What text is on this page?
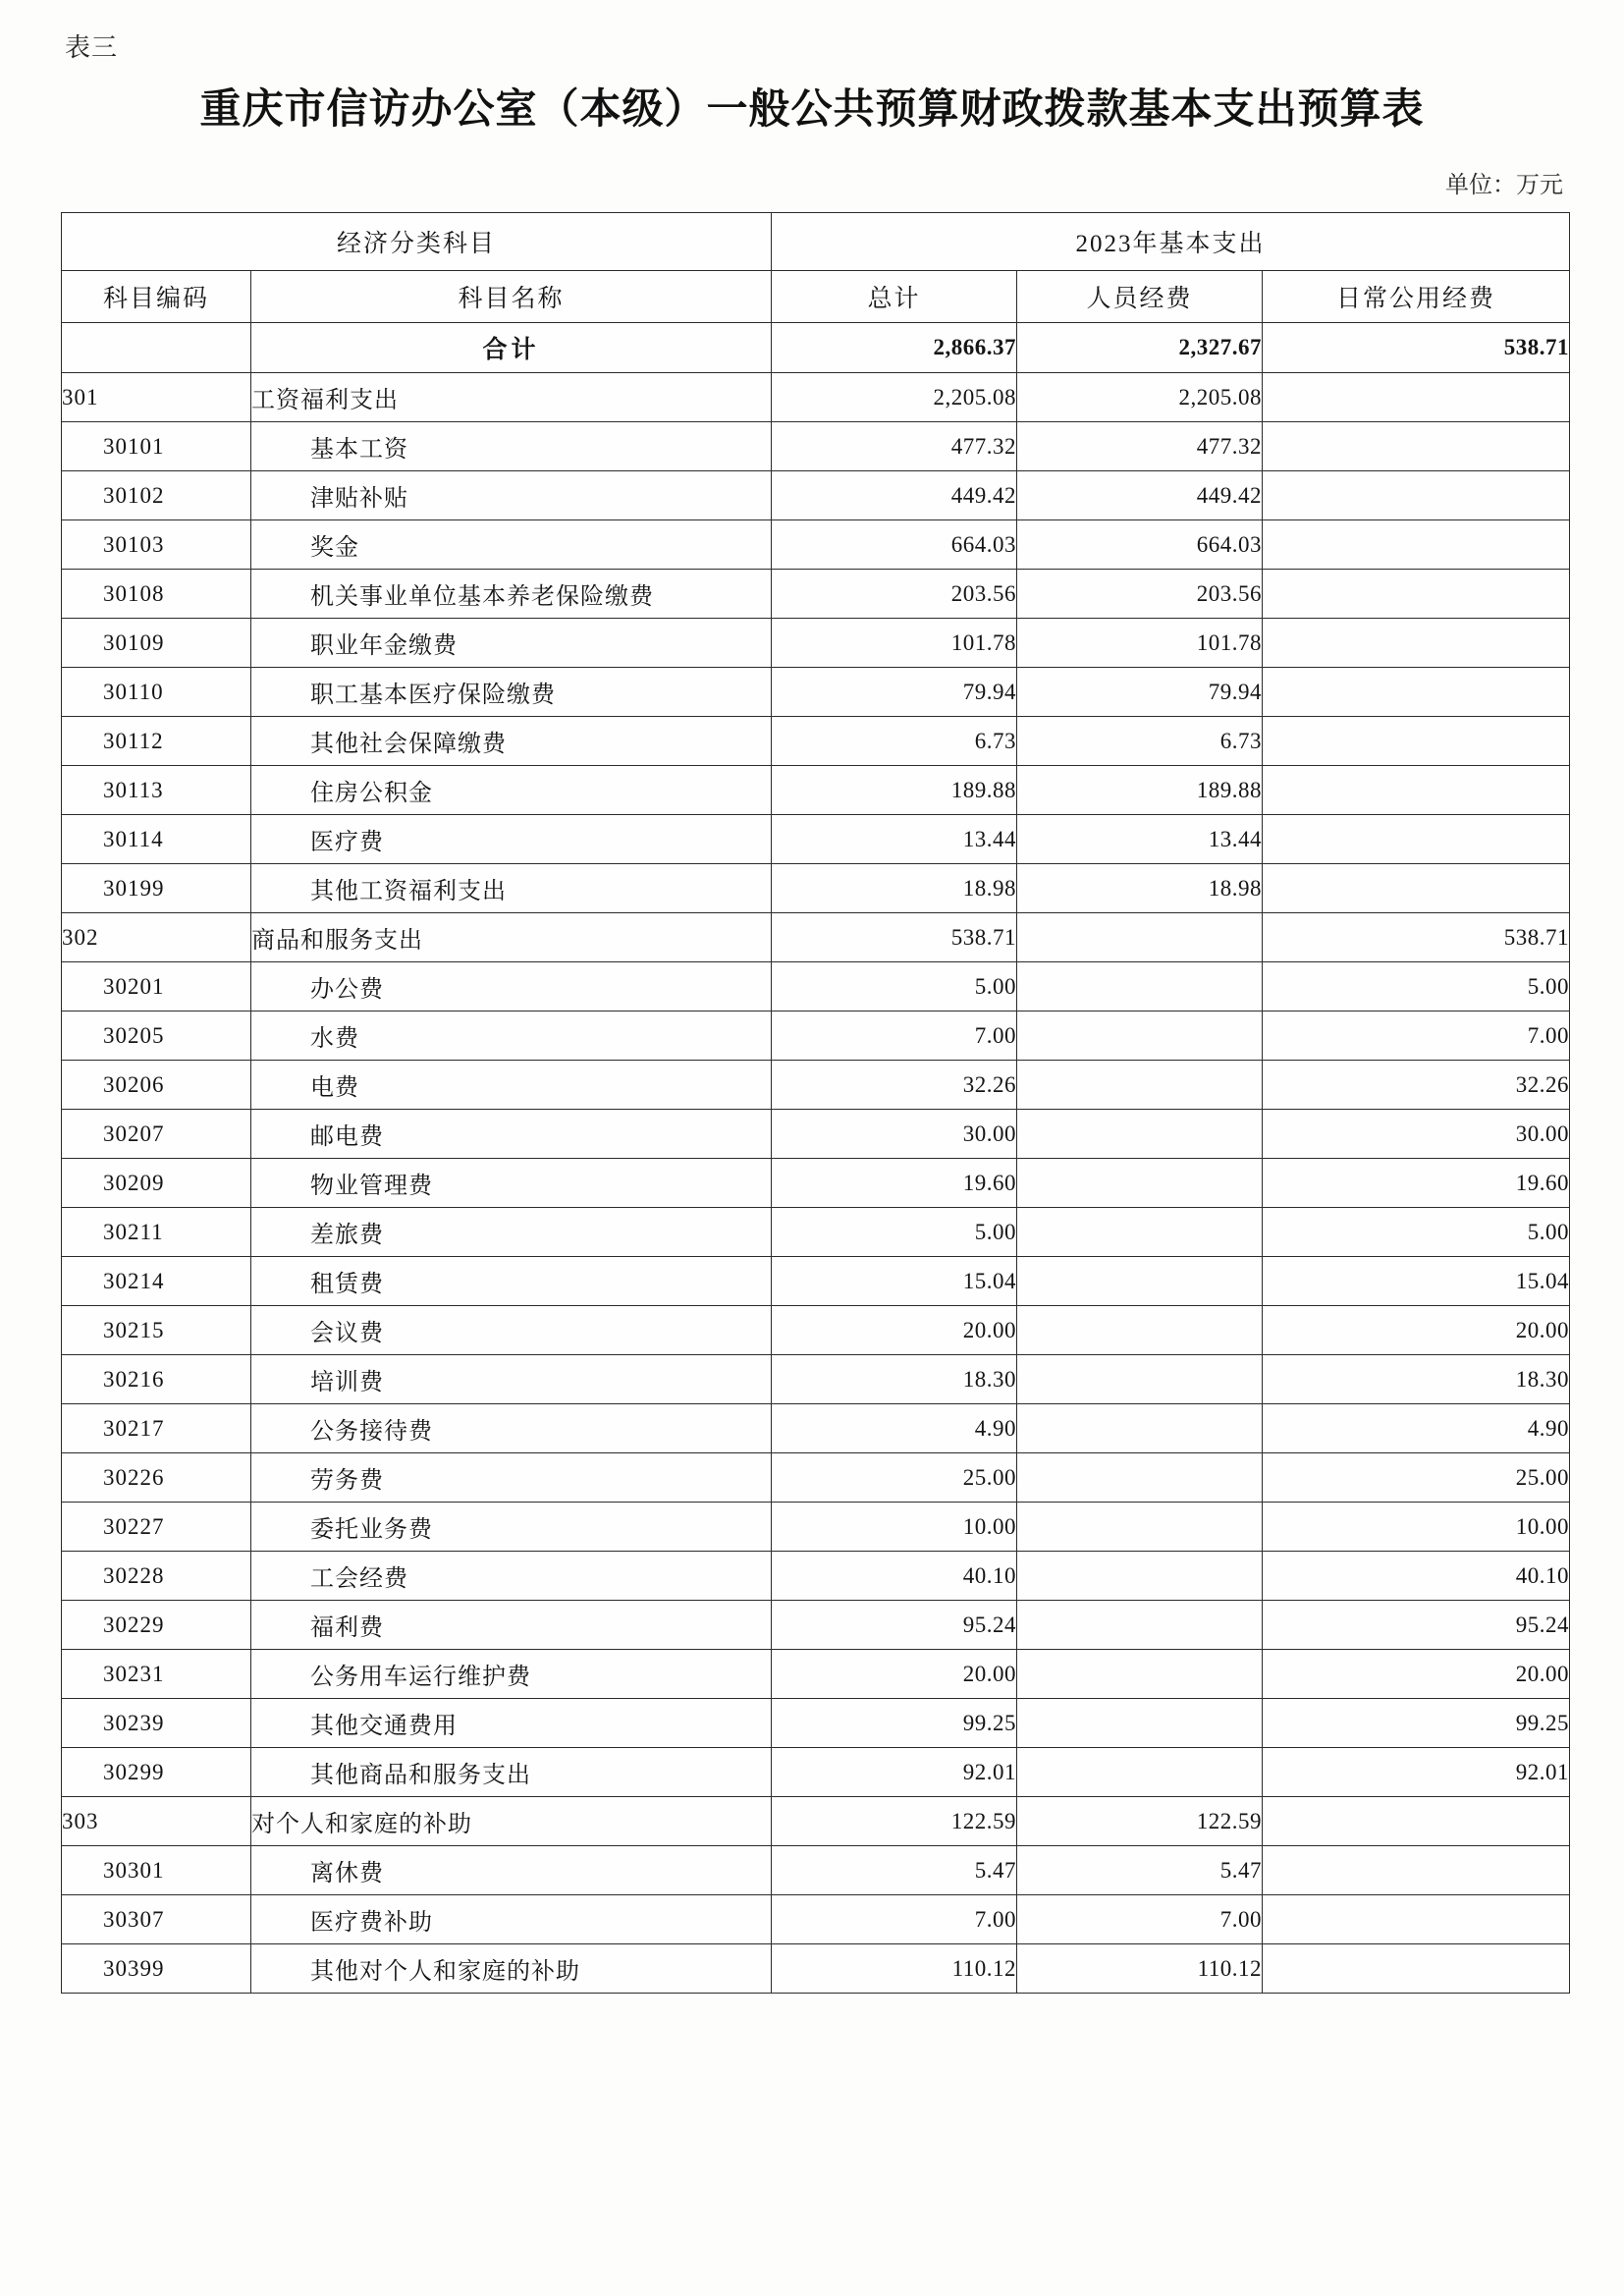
表三
重庆市信访办公室（本级）一般公共预算财政拨款基本支出预算表
单位：万元
经济分类科目		2023年基本支出		
科目编码	科目名称	总计	人员经费	日常公用经费
	合计	2,866.37	2,327.67	538.71
301	工资福利支出	2,205.08	2,205.08	
30101	基本工资	477.32	477.32	
30102	津贴补贴	449.42	449.42	
30103	奖金	664.03	664.03	
30108	机关事业单位基本养老保险缴费	203.56	203.56	
30109	职业年金缴费	101.78	101.78	
30110	职工基本医疗保险缴费	79.94	79.94	
30112	其他社会保障缴费	6.73	6.73	
30113	住房公积金	189.88	189.88	
30114	医疗费	13.44	13.44	
30199	其他工资福利支出	18.98	18.98	
302	商品和服务支出	538.71		538.71
30201	办公费	5.00		5.00
30205	水费	7.00		7.00
30206	电费	32.26		32.26
30207	邮电费	30.00		30.00
30209	物业管理费	19.60		19.60
30211	差旅费	5.00		5.00
30214	租赁费	15.04		15.04
30215	会议费	20.00		20.00
30216	培训费	18.30		18.30
30217	公务接待费	4.90		4.90
30226	劳务费	25.00		25.00
30227	委托业务费	10.00		10.00
30228	工会经费	40.10		40.10
30229	福利费	95.24		95.24
30231	公务用车运行维护费	20.00		20.00
30239	其他交通费用	99.25		99.25
30299	其他商品和服务支出	92.01		92.01
303	对个人和家庭的补助	122.59	122.59	
30301	离休费	5.47	5.47	
30307	医疗费补助	7.00	7.00	
30399	其他对个人和家庭的补助	110.12	110.12	
